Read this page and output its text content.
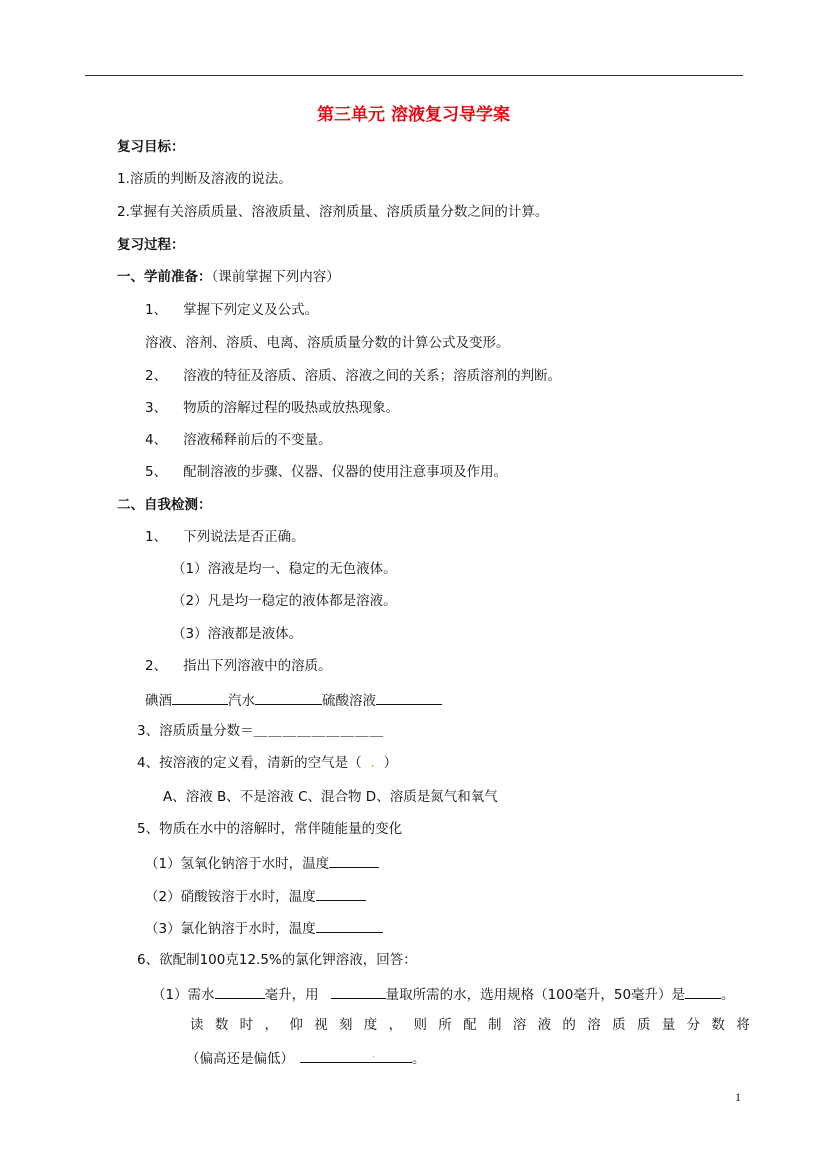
第三单元 溶液复习导学案
复习目标：
1.溶质的判断及溶液的说法。
2.掌握有关溶质质量、溶液质量、溶剂质量、溶质质量分数之间的计算。
复习过程：
一、学前准备：（课前掌握下列内容）
1、 掌握下列定义及公式。
溶液、溶剂、溶质、电离、溶质质量分数的计算公式及变形。
2、 溶液的特征及溶质、溶质、溶液之间的关系；溶质溶剂的判断。
3、 物质的溶解过程的吸热或放热现象。
4、 溶液稀释前后的不变量。
5、 配制溶液的步骤、仪器、仪器的使用注意事项及作用。
二、自我检测：
1、 下列说法是否正确。
（1）溶液是均一、稳定的无色液体。
（2）凡是均一稳定的液体都是溶液。
（3）溶液都是液体。
2、 指出下列溶液中的溶质。
碘酒	汽水	硫酸溶液
3、溶质质量分数＝＿＿＿＿＿＿＿＿＿
4、按溶液的定义看，清新的空气是（ . ）
A、溶液 B、不是溶液 C、混合物 D、溶质是氮气和氧气
5、物质在水中的溶解时，常伴随能量的变化
（1）氢氧化钠溶于水时，温度
（2）硝酸铵溶于水时，温度
（3）氯化钠溶于水时，温度
6、欲配制100克12.5%的氯化钾溶液，回答：
（1）需水	毫升，用	量取所需的水，选用规格（100毫升，50毫升）是	。
读 数 时 ， 仰 视 刻 度 ， 则 所 配 制 溶 液 的 溶 质 质 量 分 数 将
（偏高还是偏低）	.	。
1
